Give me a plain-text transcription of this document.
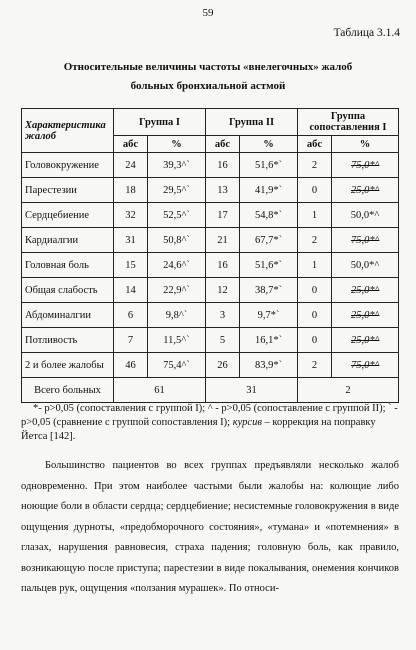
59
Таблица 3.1.4
Относительные величины частоты «внелегочных» жалоб
больных бронхиальной астмой
Характеристика жалоб	Группа I		Группа II		Группа сопоставления I	
	абс	%	абс	%	абс	%
Головокружение	24	39,3^`	16	51,6*`	2	75,0*^
Парестезии	18	29,5^`	13	41,9*`	0	25,0*^
Сердцебиение	32	52,5^`	17	54,8*`	1	50,0*^
Кардиалгии	31	50,8^`	21	67,7*`	2	75,0*^
Головная боль	15	24,6^`	16	51,6*`	1	50,0*^
Общая слабость	14	22,9^`	12	38,7*`	0	25,0*^
Абдоминалгии	6	9,8^`	3	9,7*`	0	25,0*^
Потливость	7	11,5^`	5	16,1*`	0	25,0*^
2 и более жалобы	46	75,4^`	26	83,9*`	2	75,0*^
Всего больных	61		31		2	
*- p>0,05 (сопоставления с группой I); ^ - p>0,05 (сопоставление с группой II); ` - p>0,05 (сравнение с группой сопоставления I); курсив – коррекция на поправку Йетса [142].
Большинство пациентов во всех группах предъявляли несколько жалоб одновременно. При этом наиболее частыми были жалобы на: колющие либо ноющие боли в области сердца; сердцебиение; несистемные головокружения в виде ощущения дурноты, «предобморочного состояния», «тумана» и «потемнения» в глазах, нарушения равновесия, страха падения; головную боль, как правило, возникающую после приступа; парестезии в виде покалывания, онемения кончиков пальцев рук, ощущения «ползания мурашек». По относи-
